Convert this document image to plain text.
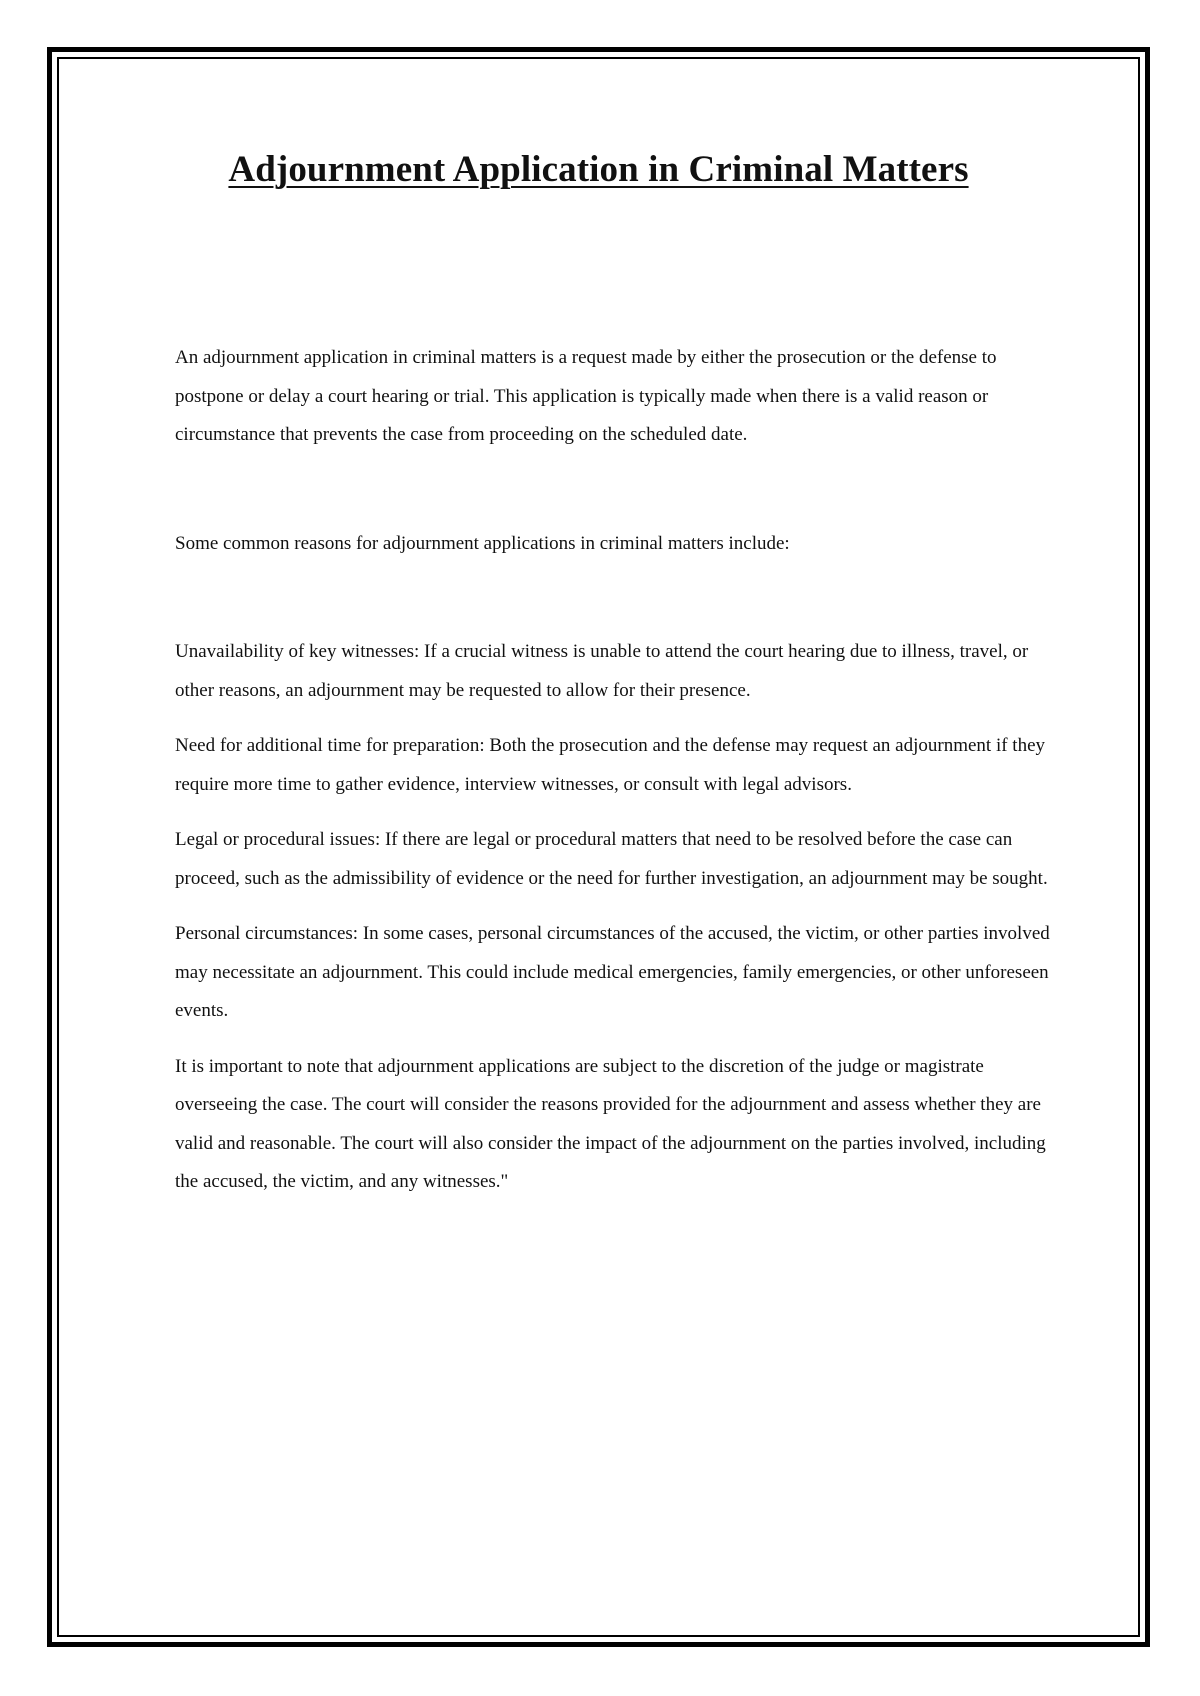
Adjournment Application in Criminal Matters

An adjournment application in criminal matters is a request made by either the prosecution or the defense to postpone or delay a court hearing or trial. This application is typically made when there is a valid reason or circumstance that prevents the case from proceeding on the scheduled date.

Some common reasons for adjournment applications in criminal matters include:

Unavailability of key witnesses: If a crucial witness is unable to attend the court hearing due to illness, travel, or other reasons, an adjournment may be requested to allow for their presence.

Need for additional time for preparation: Both the prosecution and the defense may request an adjournment if they require more time to gather evidence, interview witnesses, or consult with legal advisors.

Legal or procedural issues: If there are legal or procedural matters that need to be resolved before the case can proceed, such as the admissibility of evidence or the need for further investigation, an adjournment may be sought.

Personal circumstances: In some cases, personal circumstances of the accused, the victim, or other parties involved may necessitate an adjournment. This could include medical emergencies, family emergencies, or other unforeseen events.

It is important to note that adjournment applications are subject to the discretion of the judge or magistrate overseeing the case. The court will consider the reasons provided for the adjournment and assess whether they are valid and reasonable. The court will also consider the impact of the adjournment on the parties involved, including the accused, the victim, and any witnesses."
